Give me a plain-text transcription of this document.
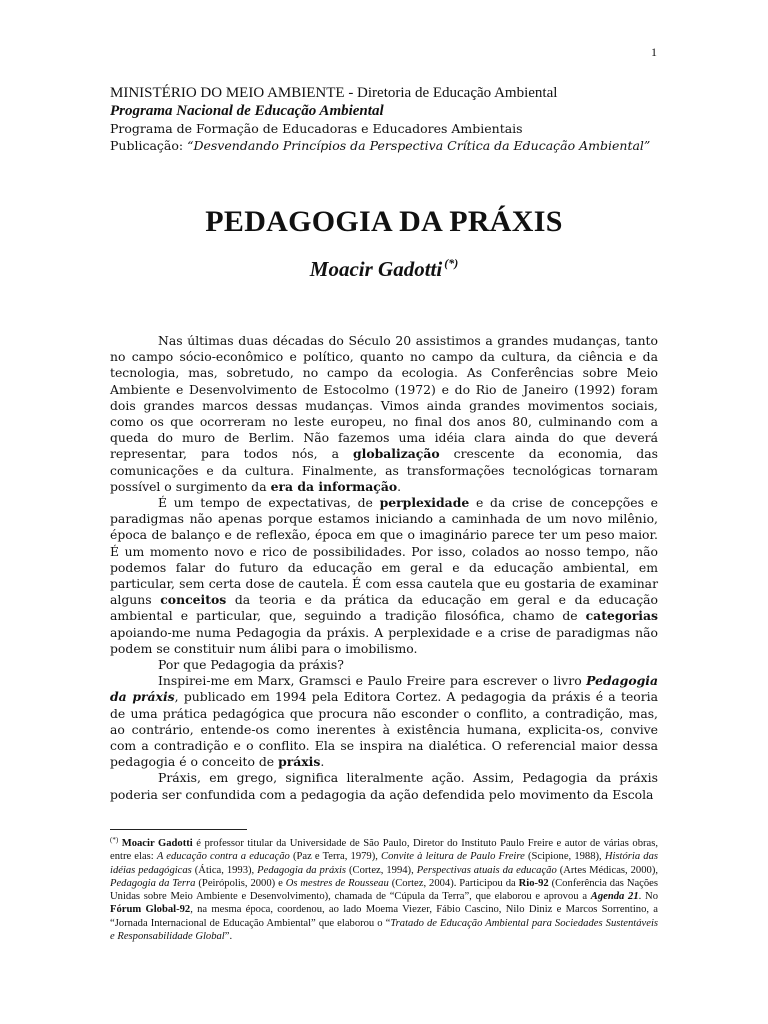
1
MINISTÉRIO DO MEIO AMBIENTE - Diretoria de Educação Ambiental
Programa Nacional de Educação Ambiental
Programa de Formação de Educadoras e Educadores Ambientais
Publicação: “Desvendando Princípios da Perspectiva Crítica da Educação Ambiental”
PEDAGOGIA DA PRÁXIS
Moacir Gadotti (*)

Nas últimas duas décadas do Século 20 assistimos a grandes mudanças, tanto no campo sócio-econômico e político, quanto no campo da cultura, da ciência e da tecnologia, mas, sobretudo, no campo da ecologia. As Conferências sobre Meio Ambiente e Desenvolvimento de Estocolmo (1972) e do Rio de Janeiro (1992) foram dois grandes marcos dessas mudanças. Vimos ainda grandes movimentos sociais, como os que ocorreram no leste europeu, no final dos anos 80, culminando com a queda do muro de Berlim. Não fazemos uma idéia clara ainda do que deverá representar, para todos nós, a globalização crescente da economia, das comunicações e da cultura. Finalmente, as transformações tecnológicas tornaram possível o surgimento da era da informação.

É um tempo de expectativas, de perplexidade e da crise de concepções e paradigmas não apenas porque estamos iniciando a caminhada de um novo milênio, época de balanço e de reflexão, época em que o imaginário parece ter um peso maior. É um momento novo e rico de possibilidades. Por isso, colados ao nosso tempo, não podemos falar do futuro da educação em geral e da educação ambiental, em particular, sem certa dose de cautela. É com essa cautela que eu gostaria de examinar alguns conceitos da teoria e da prática da educação em geral e da educação ambiental e particular, que, seguindo a tradição filosófica, chamo de categorias apoiando-me numa Pedagogia da práxis. A perplexidade e a crise de paradigmas não podem se constituir num álibi para o imobilismo.

Por que Pedagogia da práxis?

Inspirei-me em Marx, Gramsci e Paulo Freire para escrever o livro Pedagogia da práxis, publicado em 1994 pela Editora Cortez. A pedagogia da práxis é a teoria de uma prática pedagógica que procura não esconder o conflito, a contradição, mas, ao contrário, entende-os como inerentes à existência humana, explicita-os, convive com a contradição e o conflito. Ela se inspira na dialética. O referencial maior dessa pedagogia é o conceito de práxis.

Práxis, em grego, significa literalmente ação. Assim, Pedagogia da práxis poderia ser confundida com a pedagogia da ação defendida pelo movimento da Escola

(*) Moacir Gadotti é professor titular da Universidade de São Paulo, Diretor do Instituto Paulo Freire e autor de várias obras, entre elas: A educação contra a educação (Paz e Terra, 1979), Convite à leitura de Paulo Freire (Scipione, 1988), História das idéias pedagógicas (Ática, 1993), Pedagogia da práxis (Cortez, 1994), Perspectivas atuais da educação (Artes Médicas, 2000), Pedagogia da Terra (Peirópolis, 2000) e Os mestres de Rousseau (Cortez, 2004). Participou da Rio-92 (Conferência das Nações Unidas sobre Meio Ambiente e Desenvolvimento), chamada de “Cúpula da Terra”, que elaborou e aprovou a Agenda 21. No Fórum Global-92, na mesma época, coordenou, ao lado Moema Viezer, Fábio Cascino, Nilo Diniz e Marcos Sorrentino, a “Jornada Internacional de Educação Ambiental” que elaborou o “Tratado de Educação Ambiental para Sociedades Sustentáveis e Responsabilidade Global”.
